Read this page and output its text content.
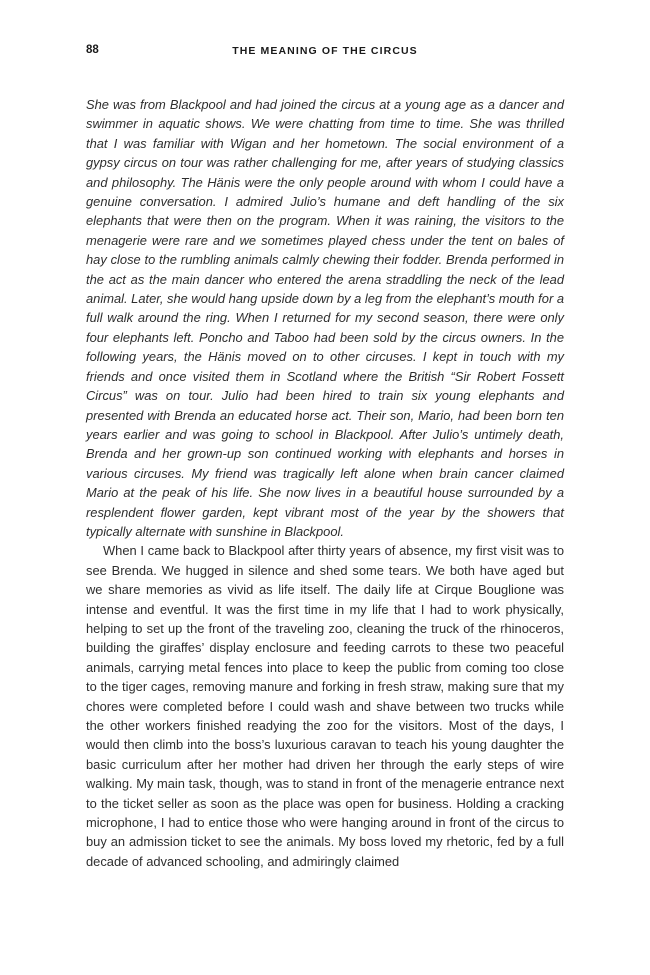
88	THE MEANING OF THE CIRCUS

She was from Blackpool and had joined the circus at a young age as a dancer and swimmer in aquatic shows. We were chatting from time to time. She was thrilled that I was familiar with Wigan and her hometown. The social environment of a gypsy circus on tour was rather challenging for me, after years of studying classics and philosophy. The Hänis were the only people around with whom I could have a genuine conversation. I admired Julio’s humane and deft handling of the six elephants that were then on the program. When it was raining, the visitors to the menagerie were rare and we sometimes played chess under the tent on bales of hay close to the rumbling animals calmly chewing their fodder. Brenda performed in the act as the main dancer who entered the arena straddling the neck of the lead animal. Later, she would hang upside down by a leg from the elephant’s mouth for a full walk around the ring. When I returned for my second season, there were only four elephants left. Poncho and Taboo had been sold by the circus owners. In the following years, the Hänis moved on to other circuses. I kept in touch with my friends and once visited them in Scotland where the British “Sir Robert Fossett Circus” was on tour. Julio had been hired to train six young elephants and presented with Brenda an educated horse act. Their son, Mario, had been born ten years earlier and was going to school in Blackpool. After Julio’s untimely death, Brenda and her grown-up son continued working with elephants and horses in various circuses. My friend was tragically left alone when brain cancer claimed Mario at the peak of his life. She now lives in a beautiful house surrounded by a resplendent flower garden, kept vibrant most of the year by the showers that typically alternate with sunshine in Blackpool.

When I came back to Blackpool after thirty years of absence, my first visit was to see Brenda. We hugged in silence and shed some tears. We both have aged but we share memories as vivid as life itself. The daily life at Cirque Bouglione was intense and eventful. It was the first time in my life that I had to work physically, helping to set up the front of the traveling zoo, cleaning the truck of the rhinoceros, building the giraffes’ display enclosure and feeding carrots to these two peaceful animals, carrying metal fences into place to keep the public from coming too close to the tiger cages, removing manure and forking in fresh straw, making sure that my chores were completed before I could wash and shave between two trucks while the other workers finished readying the zoo for the visitors. Most of the days, I would then climb into the boss’s luxurious caravan to teach his young daughter the basic curriculum after her mother had driven her through the early steps of wire walking. My main task, though, was to stand in front of the menagerie entrance next to the ticket seller as soon as the place was open for business. Holding a cracking microphone, I had to entice those who were hanging around in front of the circus to buy an admission ticket to see the animals. My boss loved my rhetoric, fed by a full decade of advanced schooling, and admiringly claimed
